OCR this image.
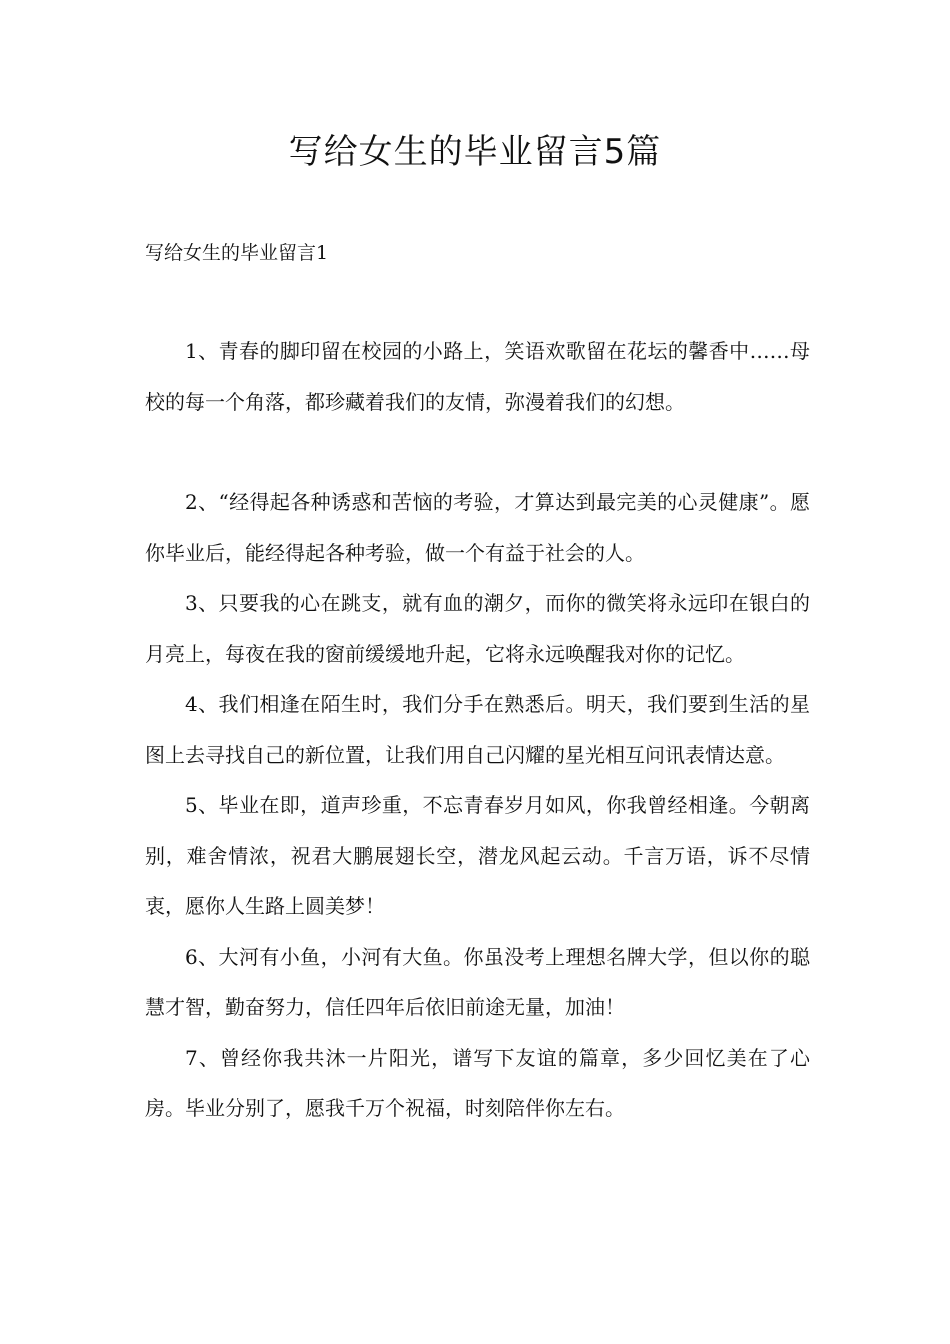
写给女生的毕业留言5篇
写给女生的毕业留言1

1、青春的脚印留在校园的小路上，笑语欢歌留在花坛的馨香中……母校的每一个角落，都珍藏着我们的友情，弥漫着我们的幻想。

2、“经得起各种诱惑和苦恼的考验，才算达到最完美的心灵健康”。愿你毕业后，能经得起各种考验，做一个有益于社会的人。

3、只要我的心在跳支，就有血的潮夕，而你的微笑将永远印在银白的月亮上，每夜在我的窗前缓缓地升起，它将永远唤醒我对你的记忆。

4、我们相逢在陌生时，我们分手在熟悉后。明天，我们要到生活的星图上去寻找自己的新位置，让我们用自己闪耀的星光相互问讯表情达意。

5、毕业在即，道声珍重，不忘青春岁月如风，你我曾经相逢。今朝离别，难舍情浓，祝君大鹏展翅长空，潜龙风起云动。千言万语，诉不尽情衷，愿你人生路上圆美梦！

6、大河有小鱼，小河有大鱼。你虽没考上理想名牌大学，但以你的聪慧才智，勤奋努力，信任四年后依旧前途无量，加油！

7、曾经你我共沐一片阳光，谱写下友谊的篇章，多少回忆美在了心房。毕业分别了，愿我千万个祝福，时刻陪伴你左右。
